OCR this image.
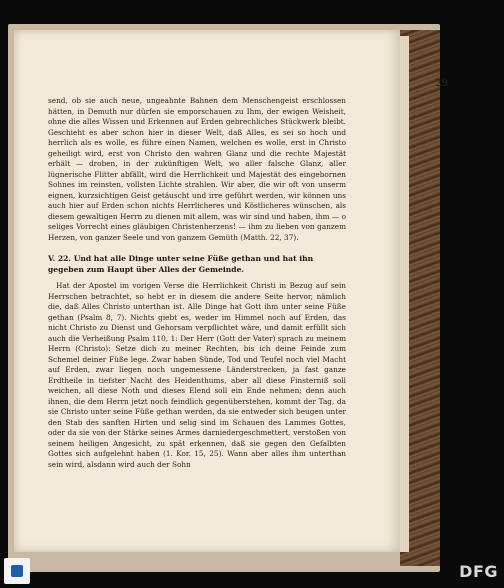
29

send, ob sie auch neue, ungeahnte Bahnen dem Menschengeist erschlossen hätten, in Demuth nur dürfen sie emporschauen zu Ihm, der ewigen Weisheit, ohne die alles Wissen und Erkennen auf Erden gebrechliches Stückwerk bleibt. Geschieht es aber schon hier in dieser Welt, daß Alles, es sei so hoch und herrlich als es wolle, es führe einen Namen, welchen es wolle, erst in Christo geheiligt wird, erst von Christo den wahren Glanz und die rechte Majestät erhält — droben, in der zukünftigen Welt, wo aller falsche Glanz, aller lügnerische Flitter abfällt, wird die Herrlichkeit und Majestät des eingebornen Sohnes im reinsten, vollsten Lichte strahlen. Wir aber, die wir oft von unserm eignen, kurzsichtigen Geist getäuscht und irre geführt werden, wir können uns auch hier auf Erden schon nichts Herrlicheres und Köstlicheres wünschen, als diesem gewaltigen Herrn zu dienen mit allem, was wir sind und haben, ihm — o seliges Vorrecht eines gläubigen Christenherzens! — ihm zu lieben von ganzem Herzen, von ganzer Seele und von ganzem Gemüth (Matth. 22, 37).

V. 22. Und hat alle Dinge unter seine Füße gethan und hat ihn gegeben zum Haupt über Alles der Gemeinde.

Hat der Apostel im vorigen Verse die Herrlichkeit Christi in Bezug auf sein Herrschen betrachtet, so hebt er in diesem die andere Seite hervor, nämlich die, daß Alles Christo unterthan ist. Alle Dinge hat Gott ihm unter seine Füße gethan (Psalm 8, 7). Nichts giebt es, weder im Himmel noch auf Erden, das nicht Christo zu Dienst und Gehorsam verpflichtet wäre, und damit erfüllt sich auch die Verheißung Psalm 110, 1: Der Herr (Gott der Vater) sprach zu meinem Herrn (Christo): Setze dich zu meiner Rechten, bis ich deine Feinde zum Schemel deiner Füße lege. Zwar haben Sünde, Tod und Teufel noch viel Macht auf Erden, zwar liegen noch ungemessene Länderstrecken, ja fast ganze Erdtheile in tiefster Nacht des Heidenthums, aber all diese Finsterniß soll weichen, all diese Noth und dieses Elend soll ein Ende nehmen; denn auch ihnen, die dem Herrn jetzt noch feindlich gegenüberstehen, kommt der Tag, da sie Christo unter seine Füße gethan werden, da sie entweder sich beugen unter den Stab des sanften Hirten und selig sind im Schauen des Lammes Gottes, oder da sie von der Stärke seines Armes darniedergeschmettert, verstoßen von seinem heiligen Angesicht, zu spät erkennen, daß sie gegen den Gefalbten Gottes sich aufgelehnt haben (1. Kor. 15, 25). Wann aber alles ihm unterthan sein wird, alsdann wird auch der Sohn

DFG
